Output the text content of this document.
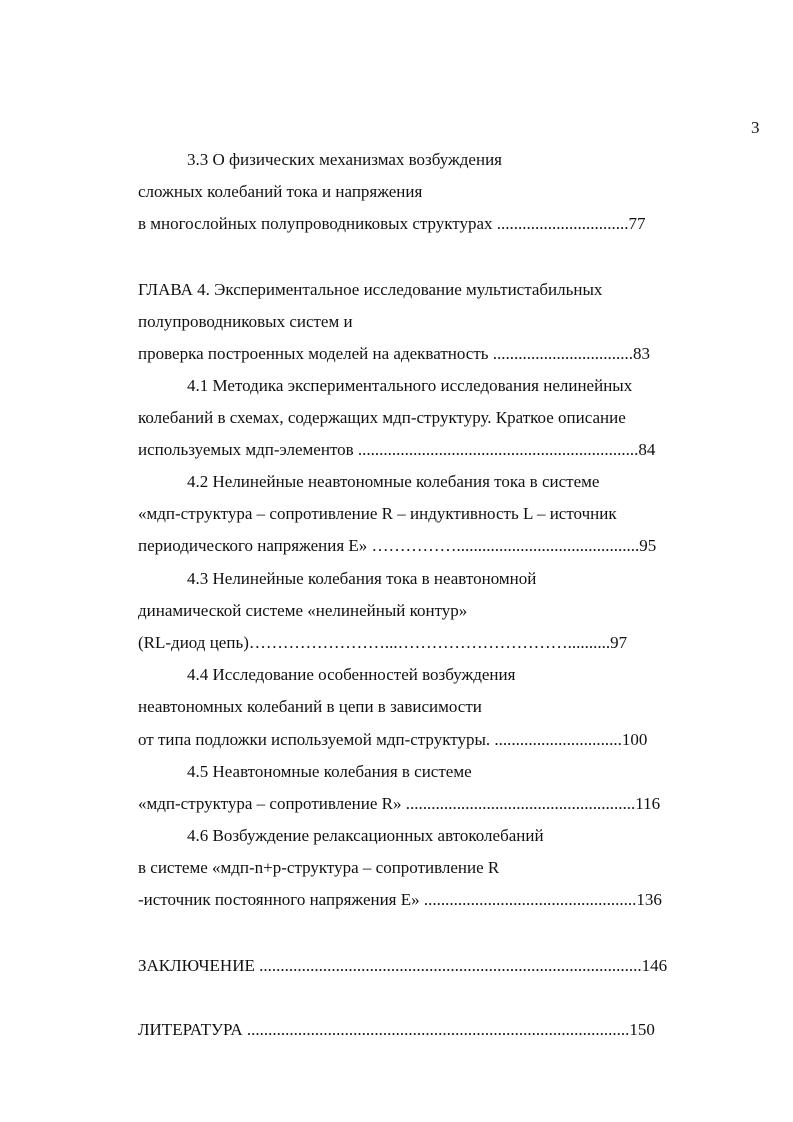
3
3.3 О физических механизмах возбуждения
сложных колебаний тока и напряжения
в многослойных полупроводниковых структурах ...............................77
ГЛАВА 4. Экспериментальное исследование мультистабильных
полупроводниковых систем и
проверка построенных моделей на адекватность .................................83
4.1 Методика экспериментального исследования нелинейных
колебаний в схемах, содержащих мдп-структуру. Краткое описание
используемых мдп-элементов ..................................................................84
4.2 Нелинейные неавтономные колебания тока в системе
«мдп-структура – сопротивление R – индуктивность L – источник
периодического напряжения E» ……………...........................................95
4.3 Нелинейные колебания тока в неавтономной
динамической системе «нелинейный контур»
(RL-диод цепь)……………………...…………………………..........97
4.4 Исследование особенностей возбуждения
неавтономных колебаний в цепи в зависимости
от типа подложки используемой мдп-структуры. ..............................100
4.5 Неавтономные колебания в системе
«мдп-структура – сопротивление R» ......................................................116
4.6 Возбуждение релаксационных автоколебаний
в системе «мдп-n+p-структура – сопротивление R
-источник постоянного напряжения E» ..................................................136
ЗАКЛЮЧЕНИЕ ..........................................................................................146
ЛИТЕРАТУРА ..........................................................................................150
